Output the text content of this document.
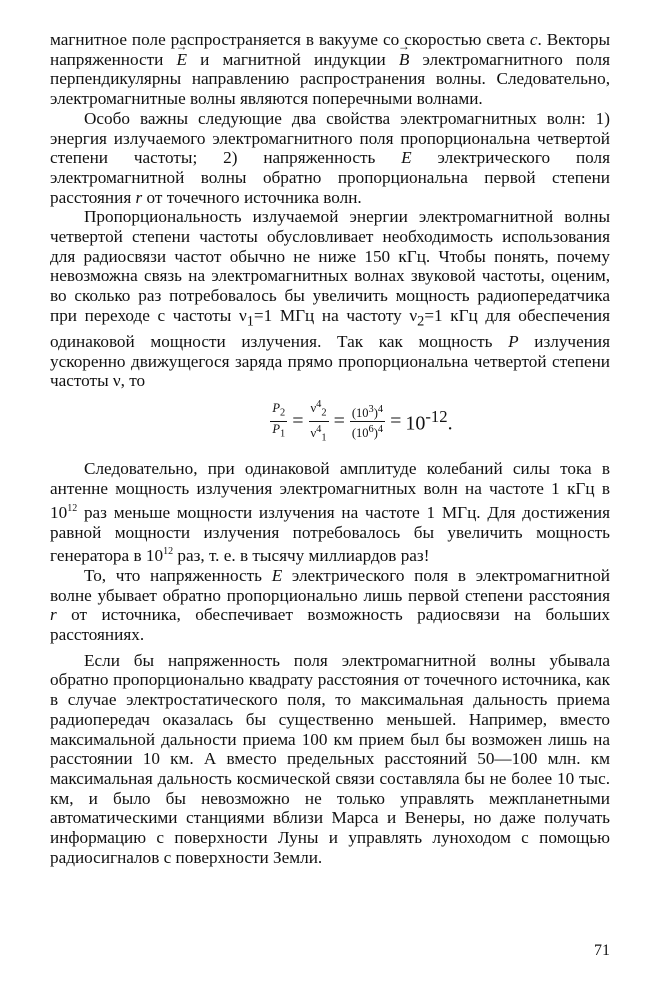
магнитное поле распространяется в вакууме со скоростью света c. Векторы напряженности → E и магнитной индукции → B электромагнитного поля перпендикулярны направлению распространения волны. Следовательно, электромагнитные волны являются поперечными волнами.

Особо важны следующие два свойства электромагнитных волн: 1) энергия излучаемого электромагнитного поля пропорциональна четвертой степени частоты; 2) напряженность E электрического поля электромагнитной волны обратно пропорциональна первой степени расстояния r от точечного источника волн.

Пропорциональность излучаемой энергии электромагнитной волны четвертой степени частоты обусловливает необходимость использования для радиосвязи частот обычно не ниже 150 кГц. Чтобы понять, почему невозможна связь на электромагнитных волнах звуковой частоты, оценим, во сколько раз потребовалось бы увеличить мощность радиопередатчика при переходе с частоты $\nu_1=1$ МГц на частоту $\nu_2=1$ кГц для обеспечения одинаковой мощности излучения. Так как мощность P излучения ускоренно движущегося заряда прямо пропорциональна четвертой степени частоты ν, то

$\frac{P_2}{P_1} = \frac{\nu^4_2}{\nu^4_1} = \frac{(10^3)^4}{(10^6)^4} = 10^{-12}$.

Следовательно, при одинаковой амплитуде колебаний силы тока в антенне мощность излучения электромагнитных волн на частоте 1 кГц в $10^{12}$ раз меньше мощности излучения на частоте 1 МГц. Для достижения равной мощности излучения потребовалось бы увеличить мощность генератора в $10^{12}$ раз, т. е. в тысячу миллиардов раз!

То, что напряженность E электрического поля в электромагнитной волне убывает обратно пропорционально лишь первой степени расстояния r от источника, обеспечивает возможность радиосвязи на больших расстояниях.

Если бы напряженность поля электромагнитной волны убывала обратно пропорционально квадрату расстояния от точечного источника, как в случае электростатического поля, то максимальная дальность приема радиопередач оказалась бы существенно меньшей. Например, вместо максимальной дальности приема 100 км прием был бы возможен лишь на расстоянии 10 км. А вместо предельных расстояний 50—100 млн. км максимальная дальность космической связи составляла бы не более 10 тыс. км, и было бы невозможно не только управлять межпланетными автоматическими станциями вблизи Марса и Венеры, но даже получать информацию с поверхности Луны и управлять луноходом с помощью радиосигналов с поверхности Земли.

71
